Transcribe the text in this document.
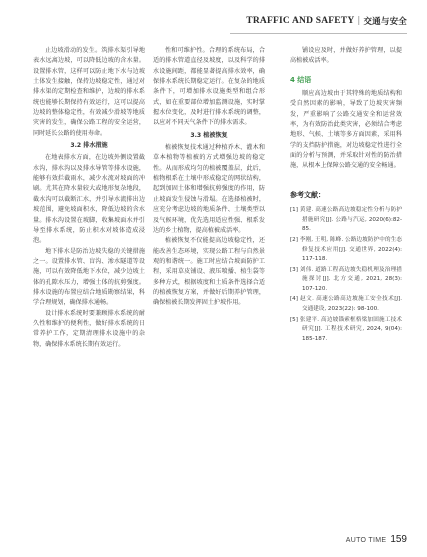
TRAFFIC AND SAFETY | 交通与安全

止边坡滑动的发生。筑排水渠引导地表水远离边坡，可以降低边坡的含水量。设置排水管，这样可以防止地下水与边坡土体发生接触，保持边坡稳定性，通过对排水渠的定期检查和维护，边坡的排水系统也能够长期保持有效运行，这可以提高边坡的整体稳定性，有效减少滑坡等地质灾害的发生，确保公路工程的安全运营，同时延长公路的使用寿命。

3.2 排水措施

在地表排水方面，在边坡外侧设置截水沟，排水沟以及排水导管等排水设施，能够有效拦截雨水，减少水流对坡面的冲刷。尤其在降水量较大或地形复杂地段，截水沟可以截断汇水，并引导水流排出边坡范围，避免坡面积水，降低边坡的含水量。排水沟设置在坡脚，收集坡面水并引导至排水系统，防止积水对坡体造成浸泡。

地下排水是防治边坡失稳的关键措施之一。设置排水管、盲沟、渗水隧道等设施，可以有效降低地下水位，减少边坡土体的孔隙水压力，增强土体的抗剪强度。排水设施的布置应结合地质勘察结果，科学合理规划，确保排水通畅。

设计排水系统时要兼顾排水系统的耐久性和维护的便利性，做好排水系统的日常养护工作，定期清理排水设施中的杂物，确保排水系统长期有效运行。

性和可维护性。合理的系统布局，合适的排水管道直径及坡度，以及科学的排水设施间距，都能显著提高排水效率，确保排水系统长期稳定运行。在复杂的地质条件下，可增加排水设施类型和组合形式，如在重要部位增加监测设施，实时掌握水位变化，及时进行排水系统的调整，以应对不同天气条件下的排水需求。

3.3 植被恢复

植被恢复技术通过种植乔木、灌木和草本植物等植被的方式增强边坡的稳定性。从而形成均匀的植被覆盖层，此后，植物根系在土壤中形成稳定的网状结构，起到加固土体和增强抗剪强度的作用，防止坡面发生侵蚀与滑塌。在选择植被时，应充分考虑边坡的地质条件、土壤类型以及气候环境，优先选用适应性强、根系发达的乡土植物，提高植被成活率。

植被恢复不仅能提高边坡稳定性，还能改善生态环境，实现公路工程与自然景观的和谐统一。施工时应结合坡面防护工程，采用草皮铺设、液压喷播、植生袋等多种方式，根据坡度和土质条件选择合适的植被恢复方案，并做好后期养护管理，确保植被长期发挥固土护坡作用。

铺设应及时，并做好养护管理，以提高植被成活率。

4 结语

顺应高边坡由于其特殊的地质结构和受自然因素的影响，导致了边坡灾害频发，严重影响了公路交通安全和运营效率，为有效防治此类灾害，必须结合考虑地形、气候、土壤等多方面因素，采用科学的支挡防护措施，对边坡稳定性进行全面的分析与预测，并采取针对性的防治措施，从根本上保障公路交通的安全畅通。

参考文献：
[1] 黄建. 高速公路高边坡稳定性分析与防护措施研究[J]. 公路与汽运, 2020(6):82-85.
[2] 李刚, 王明, 陈峰. 公路边坡防护中的生态修复技术应用[J]. 交通世界, 2022(4): 117-118.
[3] 刘伟. 道路工程高边坡失稳机理及治理措施探讨[J]. 北方交通, 2021, 28(3): 107-120.
[4] 赵文. 高速公路高边坡施工安全技术[J]. 交通建设, 2023(22): 98-100.
[5] 张建平. 高边坡锚索框格梁加固施工技术研究[J]. 工程技术研究, 2024, 9(04): 185-187.
AUTO TIME 159
